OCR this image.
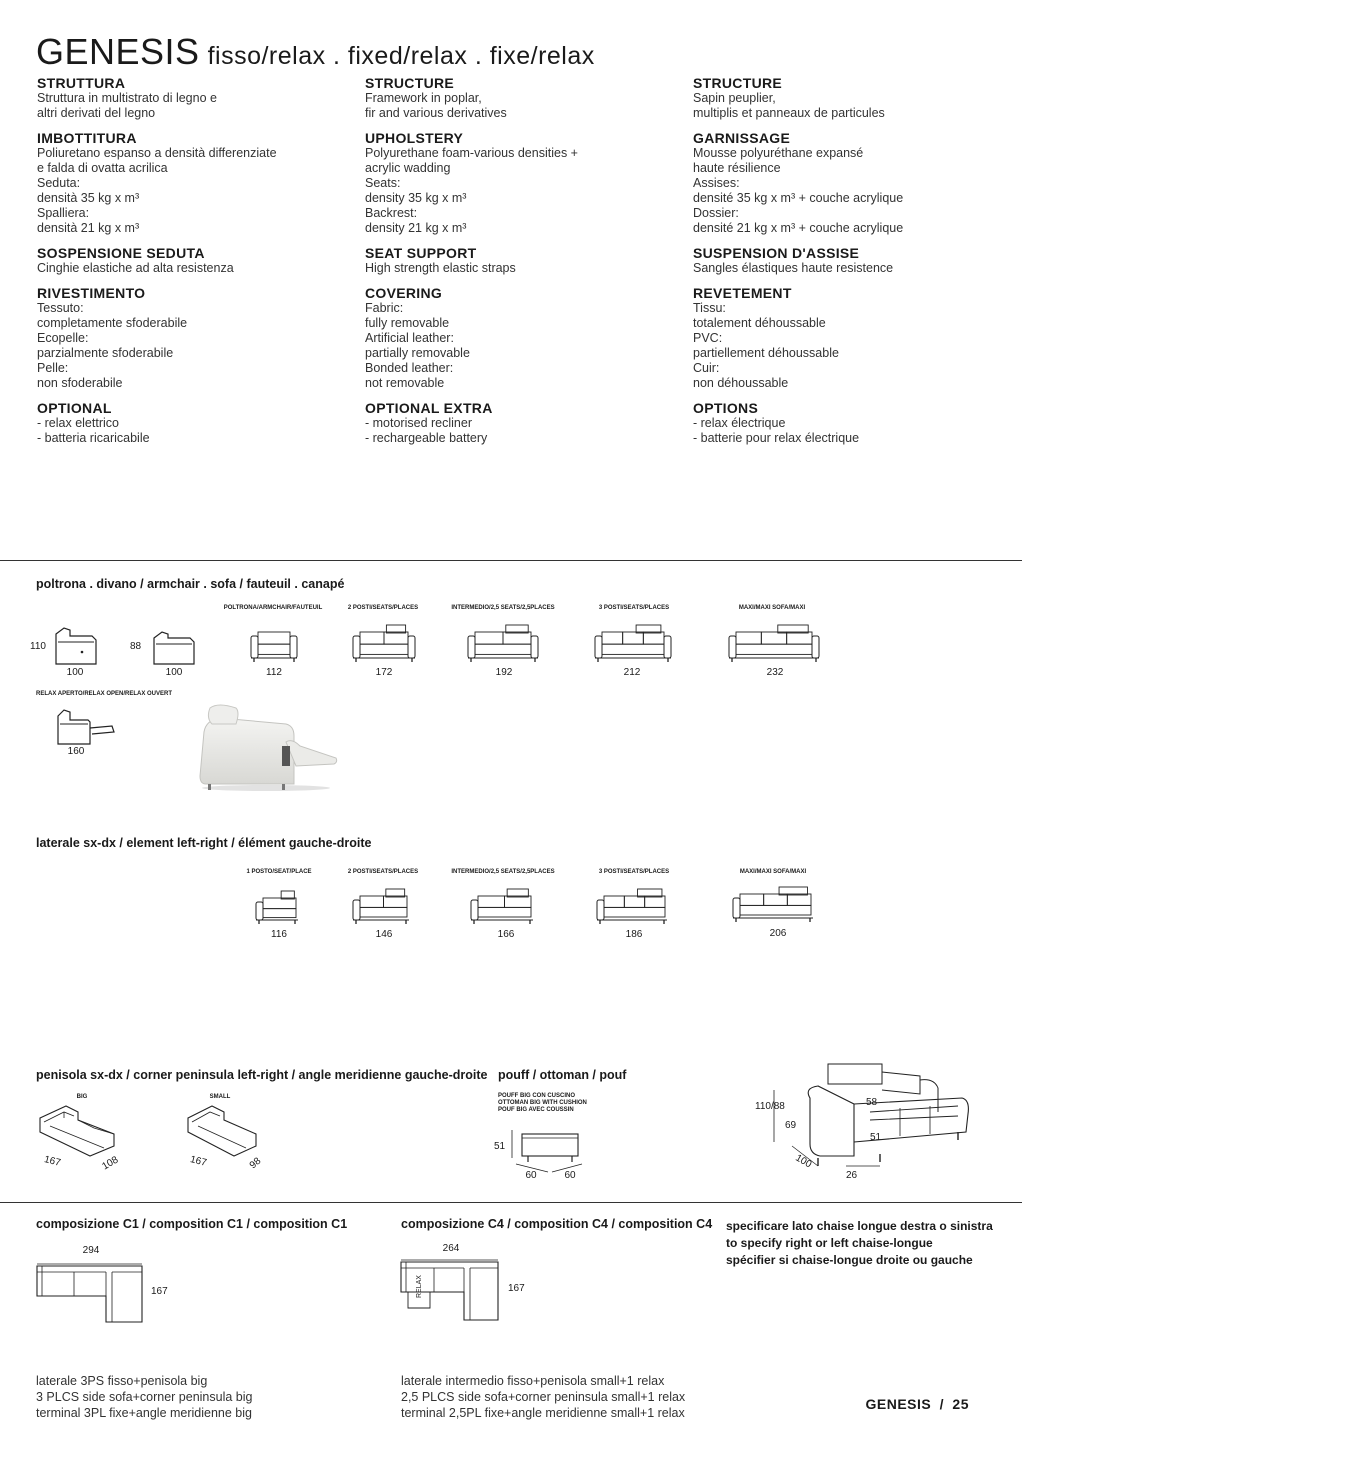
GENESIS fisso/relax . fixed/relax . fixe/relax
STRUTTURA
Struttura in multistrato di legno e
altri derivati del legno
IMBOTTITURA
Poliuretano espanso a densità differenziate
e falda di ovatta acrilica
Seduta:
densità 35 kg x m³
Spalliera:
densità 21 kg x m³
SOSPENSIONE SEDUTA
Cinghie elastiche ad alta resistenza
RIVESTIMENTO
Tessuto:
completamente sfoderabile
Ecopelle:
parzialmente sfoderabile
Pelle:
non sfoderabile
OPTIONAL
- relax elettrico
- batteria ricaricabile
STRUCTURE
Framework in poplar,
fir and various derivatives
UPHOLSTERY
Polyurethane foam-various densities +
acrylic wadding
Seats:
density 35 kg x m³
Backrest:
density 21 kg x m³
SEAT SUPPORT
High strength elastic straps
COVERING
Fabric:
fully removable
Artificial leather:
partially removable
Bonded leather:
not removable
OPTIONAL EXTRA
- motorised recliner
- rechargeable battery
STRUCTURE
Sapin peuplier,
multiplis et panneaux de particules
GARNISSAGE
Mousse polyuréthane expansé
haute résilience
Assises:
densité 35 kg x m³ + couche acrylique
Dossier:
densité 21 kg x m³ + couche acrylique
SUSPENSION D'ASSISE
Sangles élastiques haute resistence
REVETEMENT
Tissu:
totalement déhoussable
PVC:
partiellement déhoussable
Cuir:
non déhoussable
OPTIONS
- relax électrique
- batterie pour relax électrique
poltrona . divano / armchair . sofa / fauteuil . canapé
POLTRONA/ARMCHAIR/FAUTEUIL	2 POSTI/SEATS/PLACES	INTERMEDIO/2,5 SEATS/2,5PLACES	3 POSTI/SEATS/PLACES	MAXI/MAXI SOFA/MAXI
110
100
88
100	112	172	192	212	232
RELAX APERTO/RELAX OPEN/RELAX OUVERT
160
laterale sx-dx / element left-right / élément gauche-droite
1 POSTO/SEAT/PLACE	2 POSTI/SEATS/PLACES	INTERMEDIO/2,5 SEATS/2,5PLACES	3 POSTI/SEATS/PLACES	MAXI/MAXI SOFA/MAXI
116	146	166	186	206
penisola sx-dx / corner peninsula left-right / angle meridienne gauche-droite
BIG	SMALL
167	108	167	98
pouff / ottoman / pouf
POUFF BIG CON CUSCINO
OTTOMAN BIG WITH CUSHION
POUF BIG AVEC COUSSIN
51
60	60
110/88
69
58
51
100
26
composizione C1 / composition C1 / composition C1
294
167
laterale 3PS fisso+penisola big
3 PLCS side sofa+corner peninsula big
terminal 3PL fixe+angle meridienne big
composizione C4 / composition C4 / composition C4
264
RELAX	167
laterale intermedio fisso+penisola small+1 relax
2,5 PLCS side sofa+corner peninsula small+1 relax
terminal 2,5PL fixe+angle meridienne small+1 relax
specificare lato chaise longue destra o sinistra
to specify right or left chaise-longue
spécifier si chaise-longue droite ou gauche
GENESIS / 25
